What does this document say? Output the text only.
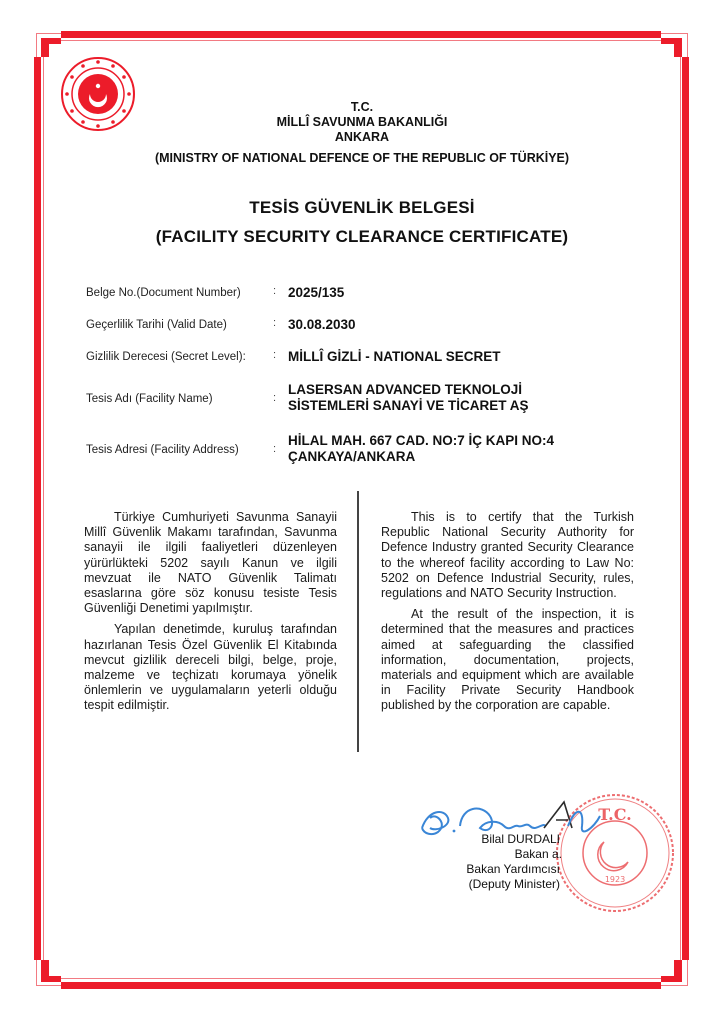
T.C.
MİLLÎ SAVUNMA BAKANLIĞI
ANKARA
(MINISTRY OF NATIONAL DEFENCE OF THE REPUBLIC OF TÜRKİYE)
TESİS GÜVENLİK BELGESİ
(FACILITY SECURITY CLEARANCE CERTIFICATE)
Belge No.(Document Number)	: 2025/135
Geçerlilik Tarihi (Valid Date)	: 30.08.2030
Gizlilik Derecesi (Secret Level): : MİLLÎ GİZLİ - NATIONAL SECRET
Tesis Adı (Facility Name)	:
LASERSAN ADVANCED TEKNOLOJİ
SİSTEMLERİ SANAYİ VE TİCARET AŞ
Tesis Adresi (Facility Address)	:
HİLAL MAH. 667 CAD. NO:7 İÇ KAPI NO:4
ÇANKAYA/ANKARA

Türkiye Cumhuriyeti Savunma Sanayii Millî Güvenlik Makamı tarafından, Savunma sanayii ile ilgili faaliyetleri düzenleyen yürürlükteki 5202 sayılı Kanun ve ilgili mevzuat ile NATO Güvenlik Talimatı esaslarına göre söz konusu tesiste Tesis Güvenliği Denetimi yapılmıştır.

Yapılan denetimde, kuruluş tarafından hazırlanan Tesis Özel Güvenlik El Kitabında mevcut gizlilik dereceli bilgi, belge, proje, malzeme ve teçhizatı korumaya yönelik önlemlerin ve uygulamaların yeterli olduğu tespit edilmiştir.

This is to certify that the Turkish Republic National Security Authority for Defence Industry granted Security Clearance to the whereof facility according to Law No: 5202 on Defence Industrial Security, rules, regulations and NATO Security Instruction.

At the result of the inspection, it is determined that the measures and practices aimed at safeguarding the classified information, documentation, projects, materials and equipment which are available in Facility Private Security Handbook published by the corporation are capable.

T.C.
1923
Bilal DURDALI
Bakan a.
Bakan Yardımcısı
(Deputy Minister)
